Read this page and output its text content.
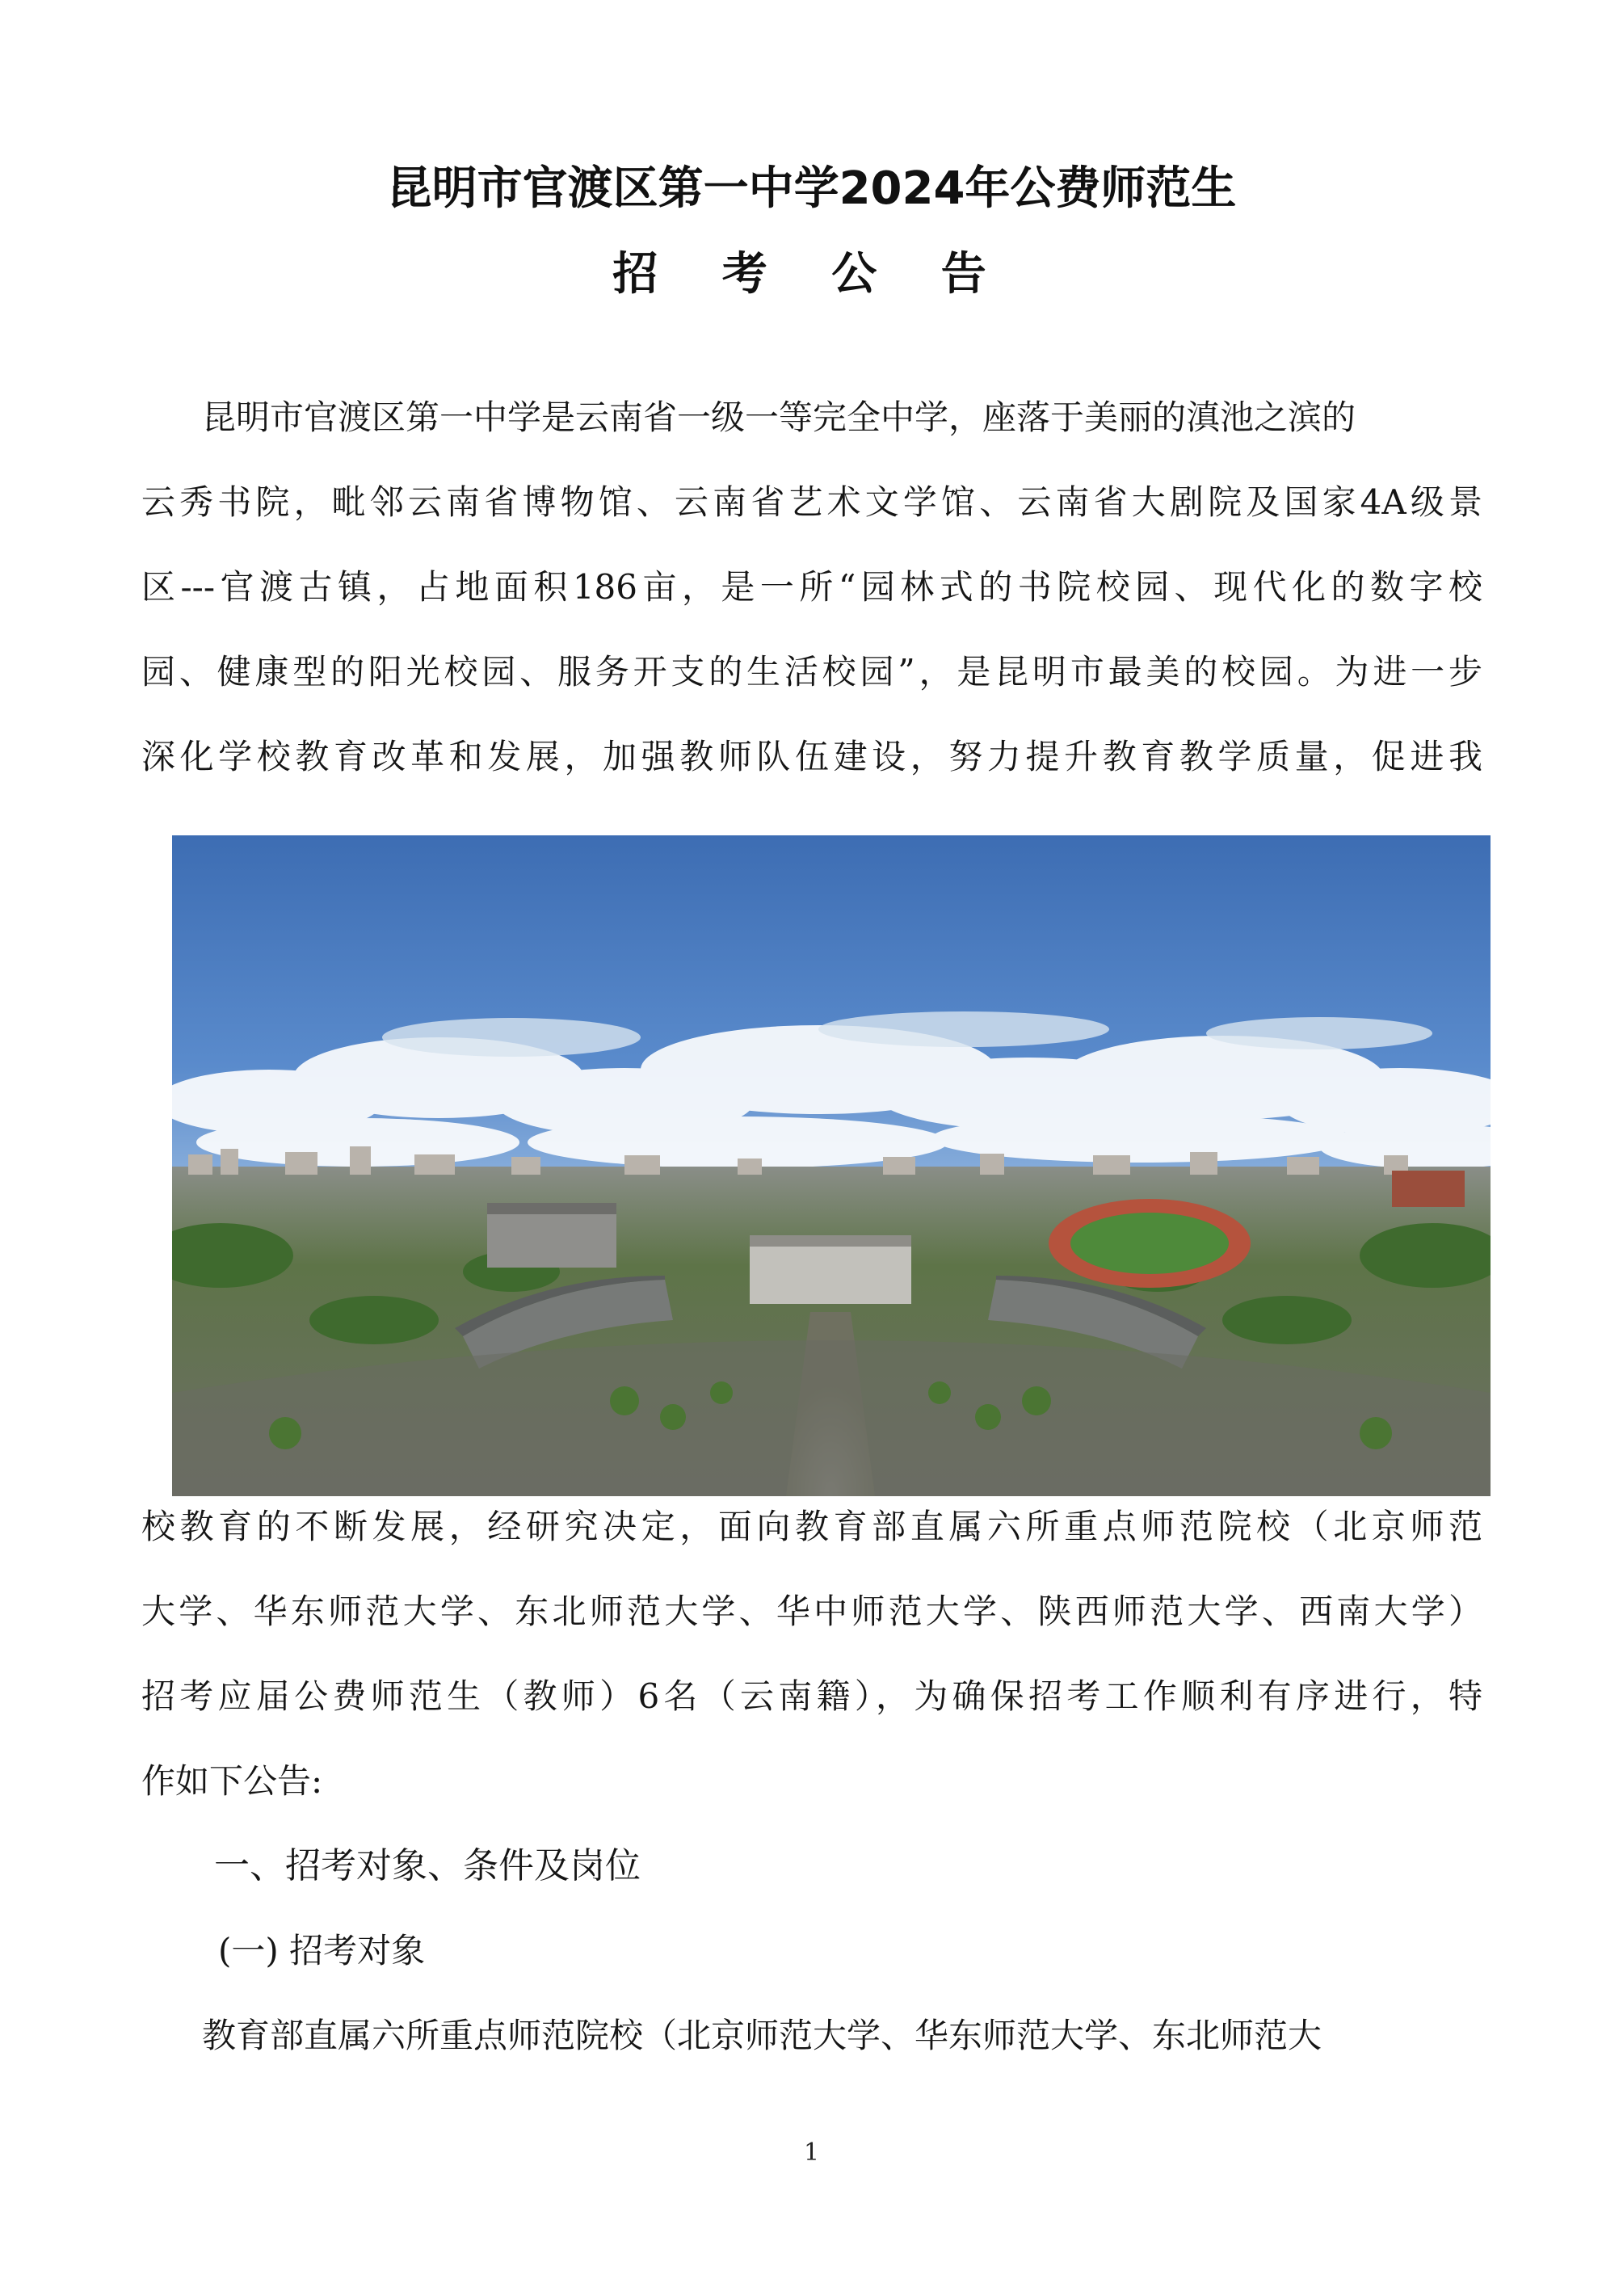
昆明市官渡区第一中学2024年公费师范生
招 考 公 告
昆明市官渡区第一中学是云南省一级一等完全中学，座落于美丽的滇池之滨的
云秀书院，毗邻云南省博物馆、云南省艺术文学馆、云南省大剧院及国家4A级景
区---官渡古镇，占地面积186亩，是一所“园林式的书院校园、现代化的数字校
园、健康型的阳光校园、服务开支的生活校园”，是昆明市最美的校园。为进一步
深化学校教育改革和发展，加强教师队伍建设，努力提升教育教学质量，促进我
校教育的不断发展，经研究决定，面向教育部直属六所重点师范院校（北京师范
大学、华东师范大学、东北师范大学、华中师范大学、陕西师范大学、西南大学）
招考应届公费师范生（教师）6名（云南籍），为确保招考工作顺利有序进行，特
作如下公告:
一、招考对象、条件及岗位
(一) 招考对象
教育部直属六所重点师范院校（北京师范大学、华东师范大学、东北师范大
1
